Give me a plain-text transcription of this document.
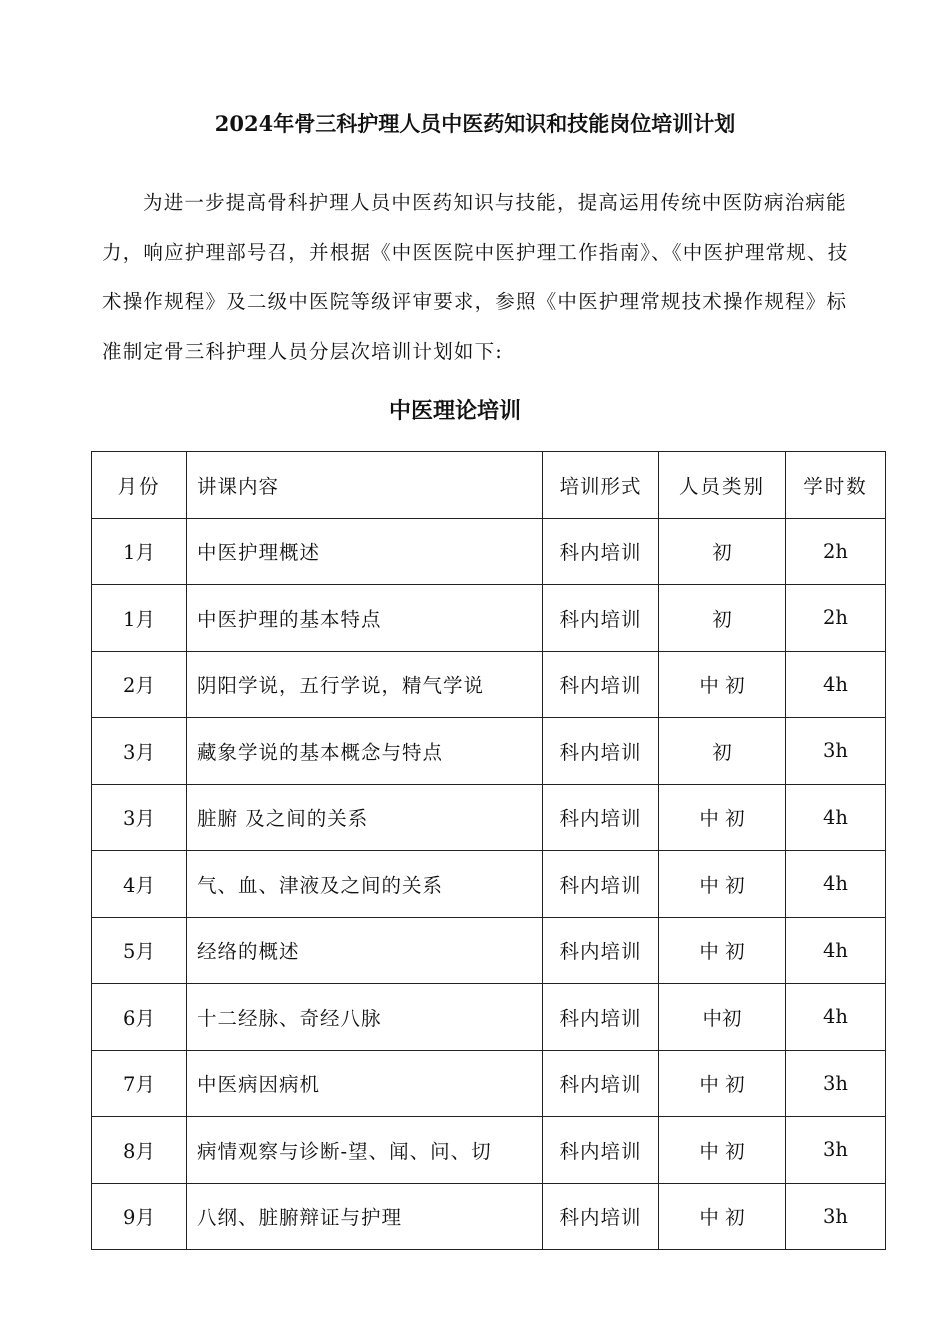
2024年骨三科护理人员中医药知识和技能岗位培训计划

为进一步提高骨科护理人员中医药知识与技能，提高运用传统中医防病治病能力，响应护理部号召，并根据《中医医院中医护理工作指南》、《中医护理常规、技术操作规程》及二级中医院等级评审要求，参照《中医护理常规技术操作规程》标准制定骨三科护理人员分层次培训计划如下:

中医理论培训
月份	讲课内容	培训形式	人员类别	学时数
1月	中医护理概述	科内培训	初	2h
1月	中医护理的基本特点	科内培训	初	2h
2月	阴阳学说，五行学说，精气学说	科内培训	中 初	4h
3月	藏象学说的基本概念与特点	科内培训	初	3h
3月	脏腑 及之间的关系	科内培训	中 初	4h
4月	气、血、津液及之间的关系	科内培训	中 初	4h
5月	经络的概述	科内培训	中 初	4h
6月	十二经脉、奇经八脉	科内培训	中初	4h
7月	中医病因病机	科内培训	中 初	3h
8月	病情观察与诊断-望、闻、问、切	科内培训	中 初	3h
9月	八纲、脏腑辩证与护理	科内培训	中 初	3h
